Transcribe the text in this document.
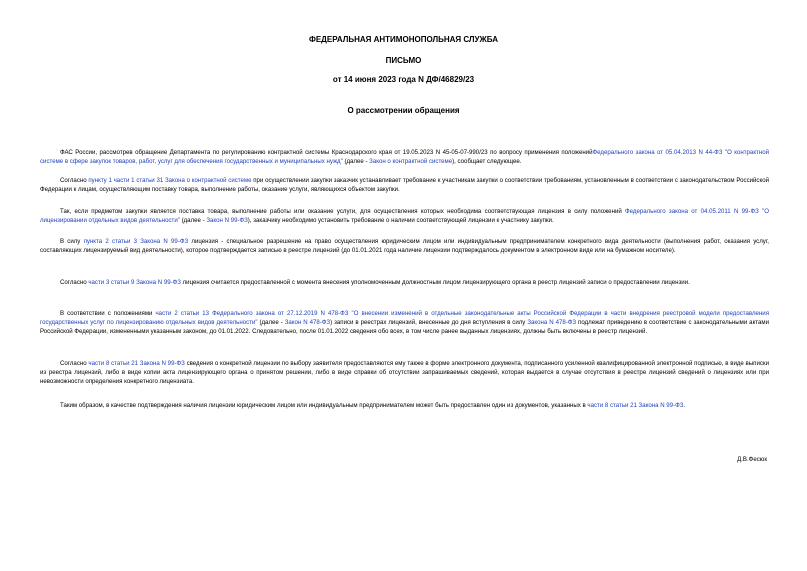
ФЕДЕРАЛЬНАЯ АНТИМОНОПОЛЬНАЯ СЛУЖБА
ПИСЬМО
от 14 июня 2023 года N ДФ/46829/23
О рассмотрении обращения
ФАС России, рассмотрев обращение Департамента по регулированию контрактной системы Краснодарского края от 19.05.2023 N 45-05-07-990/23 по вопросу применения положенийФедерального закона от 05.04.2013 N 44-ФЗ "О контрактной системе в сфере закупок товаров, работ, услуг для обеспечения государственных и муниципальных нужд" (далее - Закон о контрактной системе), сообщает следующее.
Согласно пункту 1 части 1 статьи 31 Закона о контрактной системе при осуществлении закупки заказчик устанавливает требование к участникам закупки о соответствии требованиям, установленным в соответствии с законодательством Российской Федерации к лицам, осуществляющим поставку товара, выполнение работы, оказание услуги, являющихся объектом закупки.
Так, если предметом закупки является поставка товара, выполнение работы или оказание услуги, для осуществления которых необходима соответствующая лицензия в силу положений Федерального закона от 04.05.2011 N 99-ФЗ "О лицензировании отдельных видов деятельности" (далее - Закон N 99-ФЗ), заказчику необходимо установить требование о наличии соответствующей лицензии к участнику закупки.
В силу пункта 2 статьи 3 Закона N 99-ФЗ лицензия - специальное разрешение на право осуществления юридическим лицом или индивидуальным предпринимателем конкретного вида деятельности (выполнения работ, оказания услуг, составляющих лицензируемый вид деятельности), которое подтверждается записью в реестре лицензий (до 01.01.2021 года наличие лицензии подтверждалось документом в электронном виде или на бумажном носителе).
Согласно части 3 статьи 9 Закона N 99-ФЗ лицензия считается предоставленной с момента внесения уполномоченным должностным лицом лицензирующего органа в реестр лицензий записи о предоставлении лицензии.
В соответствии с положениями части 2 статьи 13 Федерального закона от 27.12.2019 N 478-ФЗ "О внесении изменений в отдельные законодательные акты Российской Федерации в части внедрения реестровой модели предоставления государственных услуг по лицензированию отдельных видов деятельности" (далее - Закон N 478-ФЗ) записи в реестрах лицензий, внесенные до дня вступления в силу Закона N 478-ФЗ подлежат приведению в соответствие с законодательными актами Российской Федерации, измененными указанным законом, до 01.01.2022. Следовательно, после 01.01.2022 сведения обо всех, в том числе ранее выданных лицензиях, должны быть включены в реестр лицензий.
Согласно части 8 статьи 21 Закона N 99-ФЗ сведения о конкретной лицензии по выбору заявителя предоставляются ему также в форме электронного документа, подписанного усиленной квалифицированной электронной подписью, в виде выписки из реестра лицензий, либо в виде копии акта лицензирующего органа о принятом решении, либо в виде справки об отсутствии запрашиваемых сведений, которая выдается в случае отсутствия в реестре лицензий сведений о лицензиях или при невозможности определения конкретного лицензиата.
Таким образом, в качестве подтверждения наличия лицензии юридическим лицом или индивидуальным предпринимателем может быть предоставлен один из документов, указанных в части 8 статьи 21 Закона N 99-ФЗ.
Д.В.Фесюк
